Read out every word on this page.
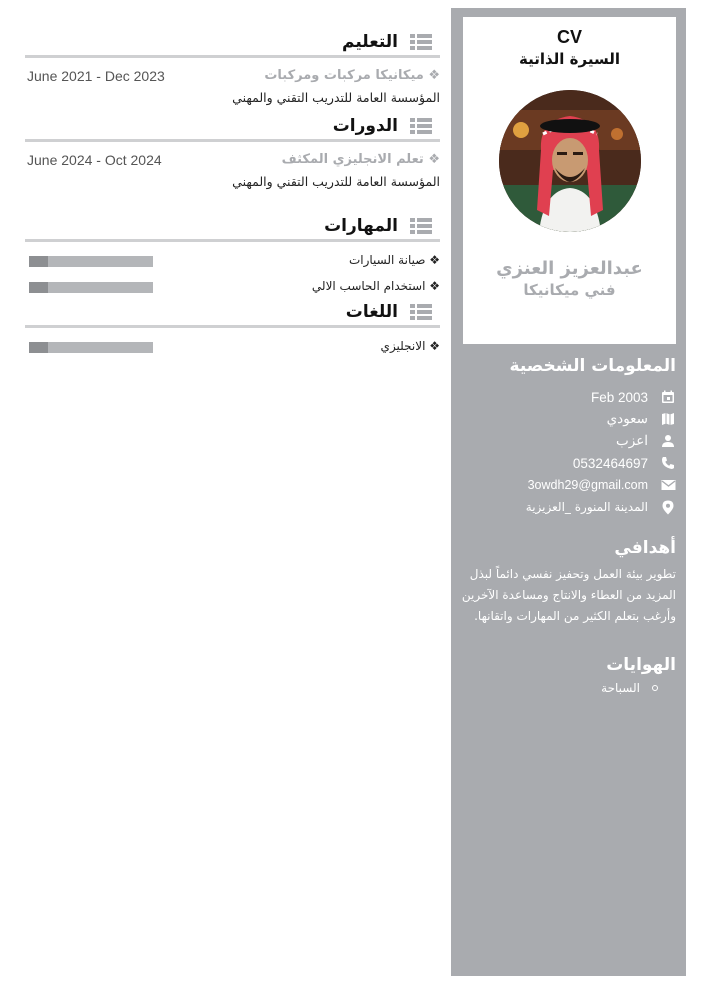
CV
السيرة الذاتية
عبدالعزيز العنزي
فني ميكانيكا
المعلومات الشخصية
Feb 2003
سعودي
اعزب
0532464697
3owdh29@gmail.com
المدينة المنورة _العزيزية
أهدافي

تطوير بيئة العمل وتحفيز نفسي دائماً لبذل المزيد من العطاء والانتاج ومساعدة الآخرين وأرغب بتعلم الكثير من المهارات واتقانها.

الهوايات
السباحة
التعليم
❖ ميكانيكا مركبات ومركبات
June 2021 - Dec 2023
المؤسسة العامة للتدريب التقني والمهني
الدورات
❖ تعلم الانجليزي المكثف
June 2024 - Oct 2024
المؤسسة العامة للتدريب التقني والمهني
المهارات
❖ صيانة السيارات
❖ استخدام الحاسب الالي
اللغات
❖ الانجليزي
